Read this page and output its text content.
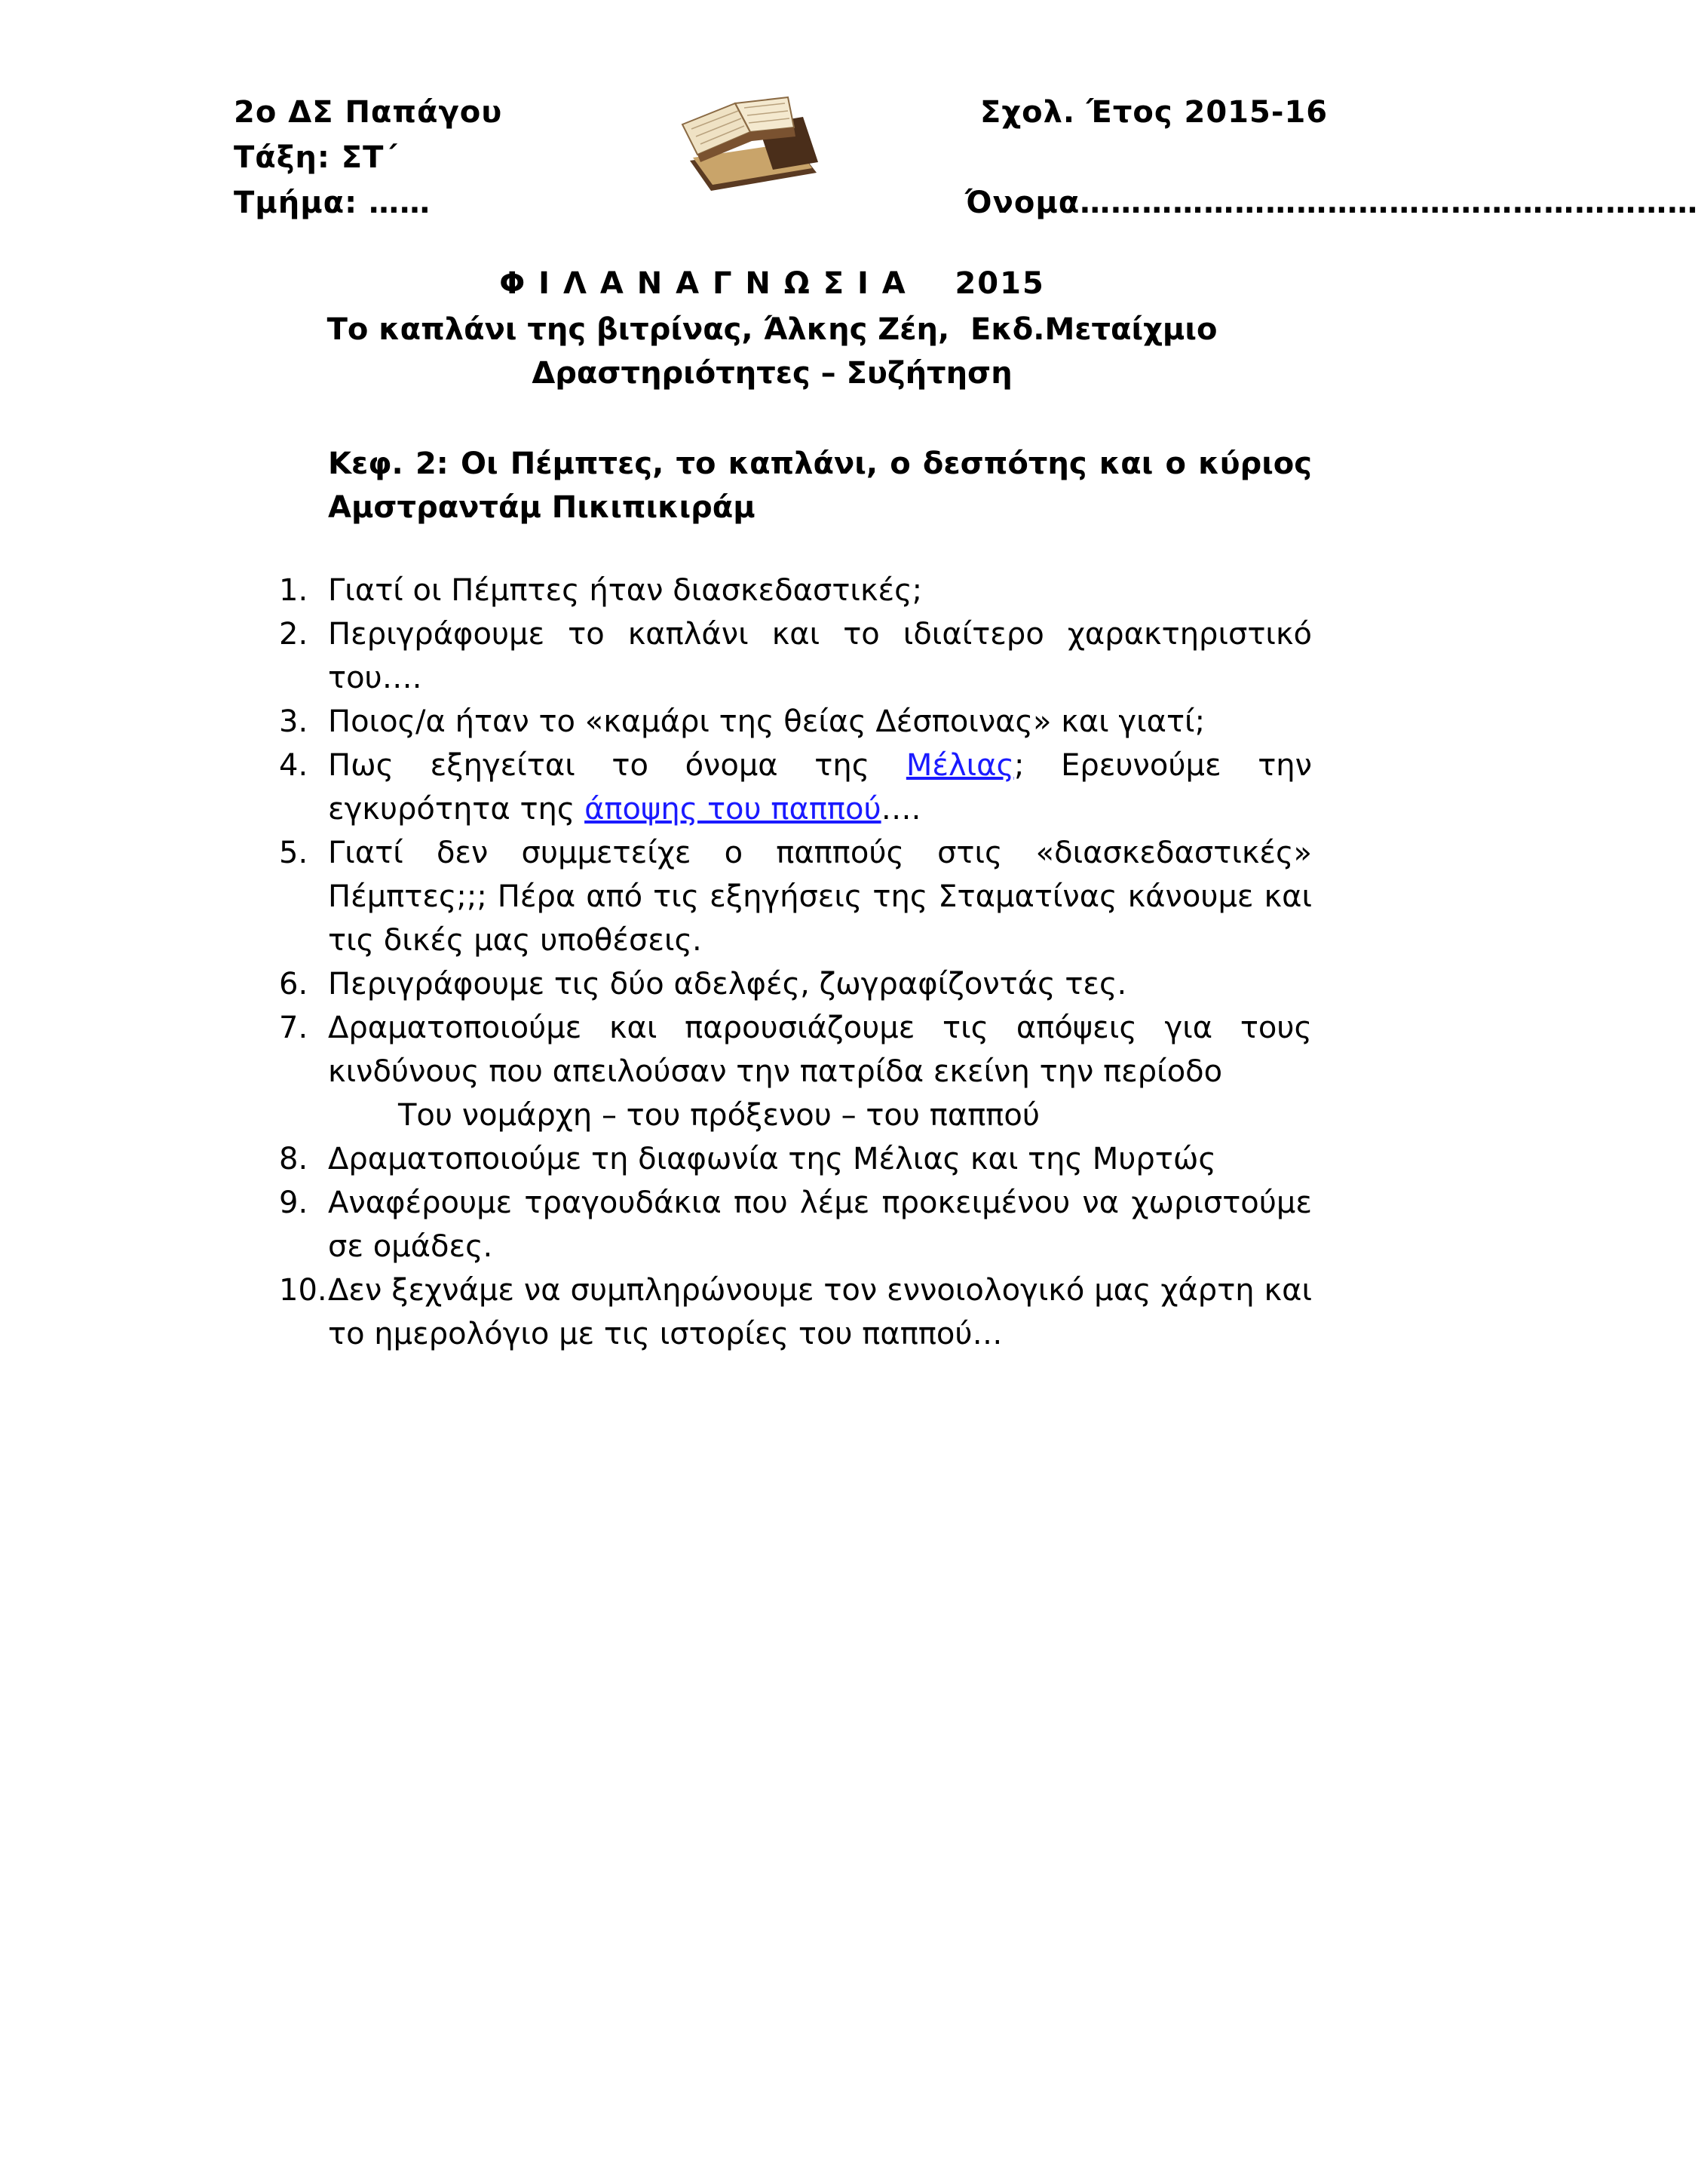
2ο ΔΣ Παπάγου
Τάξη: ΣΤ΄
Τμήμα: ……
Σχολ. Έτος 2015-16
Όνομα……………………………………………………
Φ Ι Λ Α Ν Α Γ Ν Ω Σ Ι Α    2015
Το καπλάνι της βιτρίνας, Άλκης Ζέη,  Εκδ.Μεταίχμιο
Δραστηριότητες – Συζήτηση
Κεφ. 2: Οι Πέμπτες, το καπλάνι, ο δεσπότης και ο κύριος Αμστραντάμ Πικιπικιράμ
1. Γιατί οι Πέμπτες ήταν διασκεδαστικές;
2. Περιγράφουμε το καπλάνι και το ιδιαίτερο χαρακτηριστικό του….
3. Ποιος/α ήταν το «καμάρι της θείας Δέσποινας» και γιατί;
4. Πως εξηγείται το όνομα της Μέλιας; Ερευνούμε την εγκυρότητα της άποψης του παππού….
5. Γιατί δεν συμμετείχε ο παππούς στις «διασκεδαστικές» Πέμπτες;;; Πέρα από τις εξηγήσεις της Σταματίνας κάνουμε και τις δικές μας υποθέσεις.
6. Περιγράφουμε τις δύο αδελφές, ζωγραφίζοντάς τες.
7. Δραματοποιούμε και παρουσιάζουμε τις απόψεις για τους κινδύνους που απειλούσαν την πατρίδα εκείνη την περίοδο
Του νομάρχη – του πρόξενου – του παππού
8. Δραματοποιούμε τη διαφωνία της Μέλιας και της Μυρτώς
9. Αναφέρουμε τραγουδάκια που λέμε προκειμένου να χωριστούμε σε ομάδες.
10. Δεν ξεχνάμε να συμπληρώνουμε τον εννοιολογικό μας χάρτη και το ημερολόγιο με τις ιστορίες του παππού…
